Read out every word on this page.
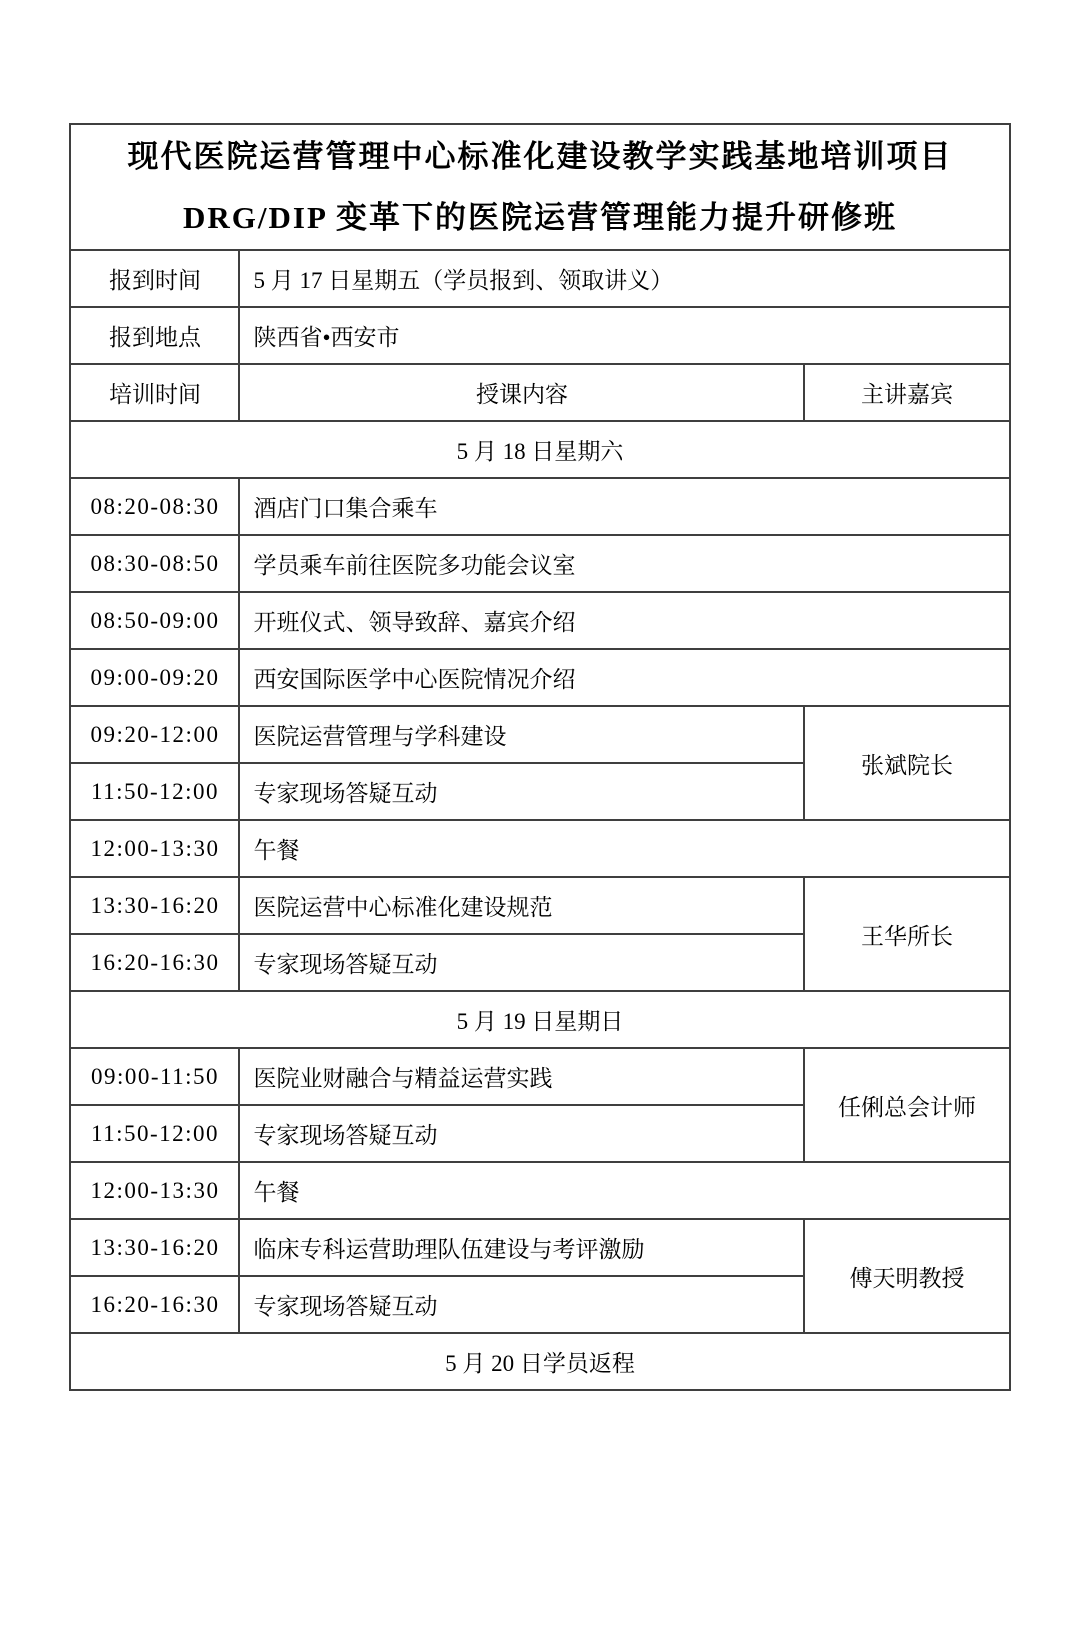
现代医院运营管理中心标准化建设教学实践基地培训项目
DRG/DIP 变革下的医院运营管理能力提升研修班		

报到时间	5 月 17 日星期五（学员报到、领取讲义）	
报到地点	陕西省•西安市	
培训时间	授课内容	主讲嘉宾
5 月 18 日星期六		
08:20-08:30	酒店门口集合乘车	
08:30-08:50	学员乘车前往医院多功能会议室	
08:50-09:00	开班仪式、领导致辞、嘉宾介绍	
09:00-09:20	西安国际医学中心医院情况介绍	
09:20-12:00	医院运营管理与学科建设	张斌院长
11:50-12:00	专家现场答疑互动	
12:00-13:30	午餐	
13:30-16:20	医院运营中心标准化建设规范	王华所长
16:20-16:30	专家现场答疑互动	
5 月 19 日星期日		
09:00-11:50	医院业财融合与精益运营实践	任俐总会计师
11:50-12:00	专家现场答疑互动	
12:00-13:30	午餐	
13:30-16:20	临床专科运营助理队伍建设与考评激励	傅天明教授
16:20-16:30	专家现场答疑互动	
5 月 20 日学员返程		
